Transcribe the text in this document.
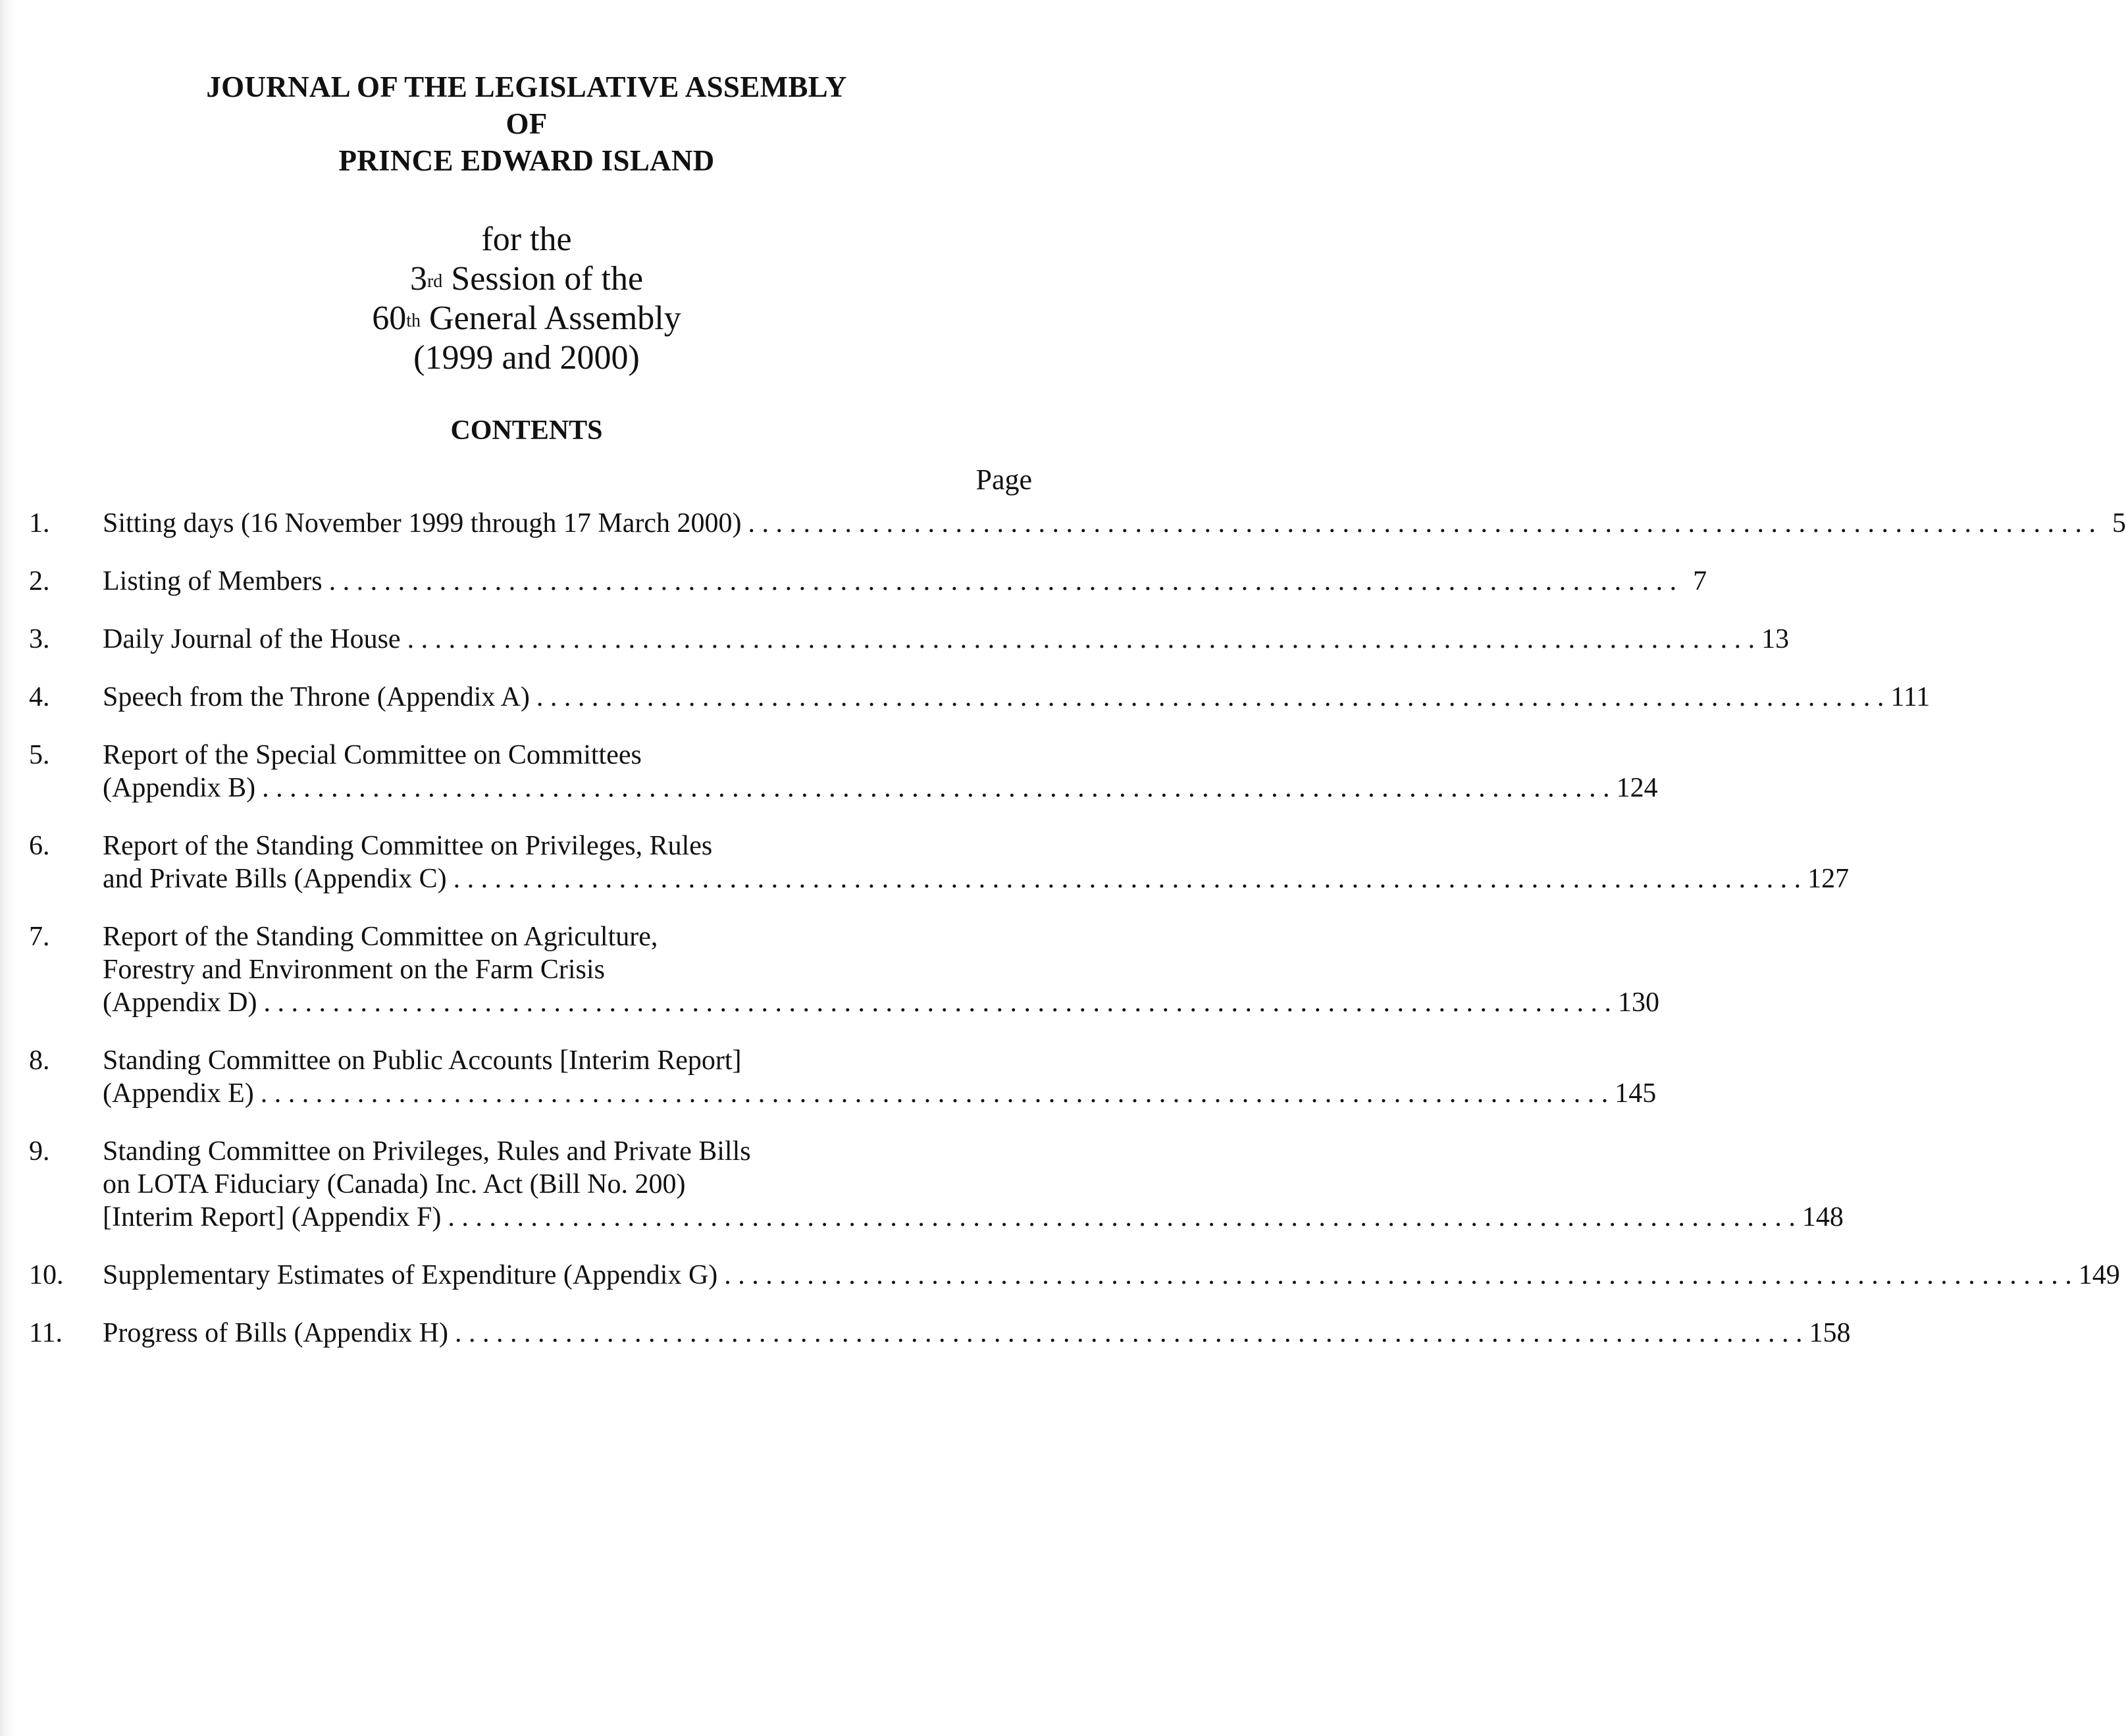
JOURNAL OF THE LEGISLATIVE ASSEMBLY
OF
PRINCE EDWARD ISLAND
for the
3rd Session of the
60th General Assembly
(1999 and 2000)
CONTENTS
Page
1.	Sitting days (16 November 1999 through 17 March 2000) . . .	5
2.	Listing of Members . . .	7
3.	Daily Journal of the House . . .	13
4.	Speech from the Throne (Appendix A) . . .	111
5.	Report of the Special Committee on Committees
(Appendix B) . . .	124
6.	Report of the Standing Committee on Privileges, Rules
and Private Bills (Appendix C) . . .	127
7.	Report of the Standing Committee on Agriculture,
Forestry and Environment on the Farm Crisis
(Appendix D) . . .	130
8.	Standing Committee on Public Accounts [Interim Report]
(Appendix E) . . .	145
9.	Standing Committee on Privileges, Rules and Private Bills
on LOTA Fiduciary (Canada) Inc. Act (Bill No. 200)
[Interim Report] (Appendix F) . . .	148
10.	Supplementary Estimates of Expenditure (Appendix G) . . .	149
11.	Progress of Bills (Appendix H) . . .	158
